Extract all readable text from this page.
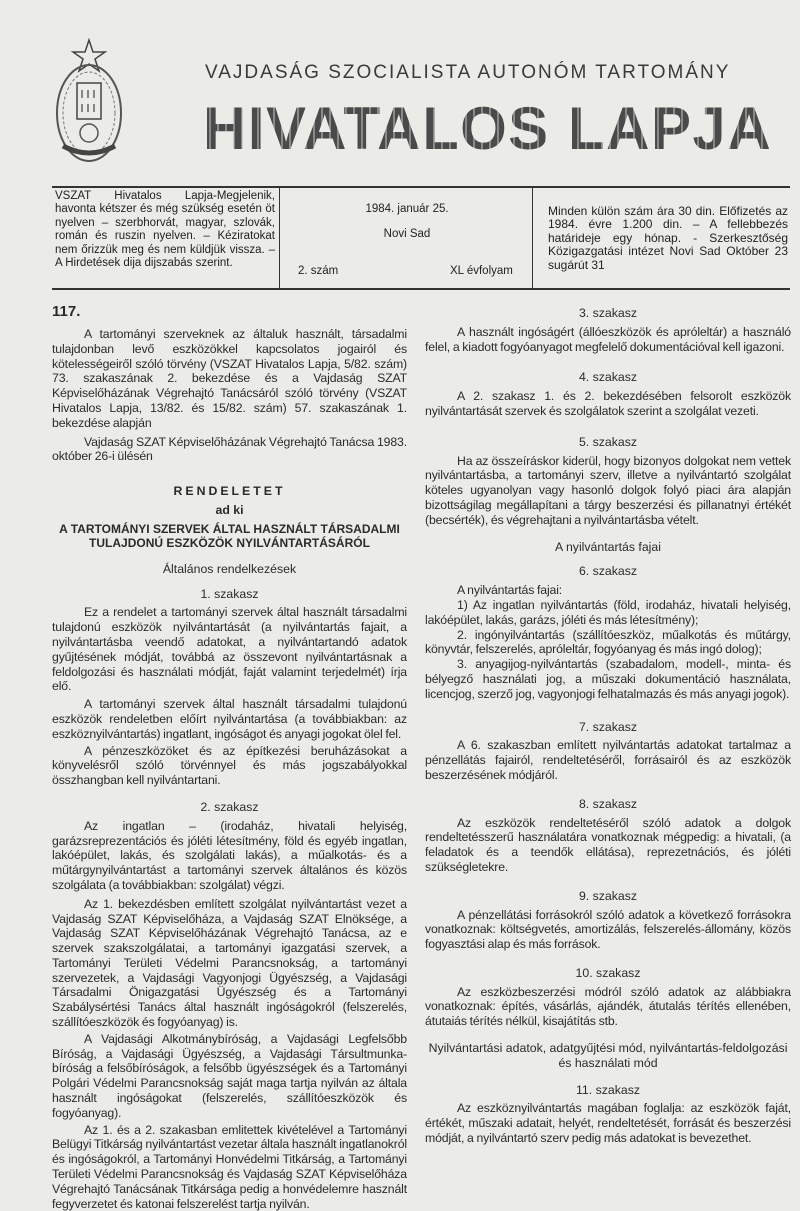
VAJDASÁG SZOCIALISTA AUTONÓM TARTOMÁNY
HIVATALOS LAPJA
VSZAT Hivatalos Lapja-Megjelenik, havonta kétszer és még szükség esetén öt nyelven – szerbhorvát, magyar, szlovák, román és ruszin nyelven. – Kéziratokat nem őrizzük meg és nem küldjük vissza. – A Hirdetések dija dijszabás szerint.
1984. január 25.
Novi Sad
2. szám	XL évfolyam
Minden külön szám ára 30 din. Előfizetés az 1984. évre 1.200 din. – A fellebbezés határideje egy hónap. - Szerkesztőség Közigazgatási intézet Novi Sad Október 23 sugárút 31
117.
A tartományi szerveknek az általuk használt, társadalmi tulajdonban levő eszközökkel kapcsolatos jogairól és kötelességeiről szóló törvény (VSZAT Hivatalos Lapja, 5/82. szám) 73. szakaszának 2. bekezdése és a Vajdaság SZAT Képviselőházának Végrehajtó Tanácsáról szóló törvény (VSZAT Hivatalos Lapja, 13/82. és 15/82. szám) 57. szakaszának 1. bekezdése alapján
Vajdaság SZAT Képviselőházának Végrehajtó Tanácsa 1983. október 26-i ülésén
RENDELETET
ad ki
A TARTOMÁNYI SZERVEK ÁLTAL HASZNÁLT TÁRSADALMI TULAJDONÚ ESZKÖZÖK NYILVÁNTARTÁSÁRÓL
Általános rendelkezések
1. szakasz
Ez a rendelet a tartományi szervek által használt társadalmi tulajdonú eszközök nyilvántartását (a nyilvántartás fajait, a nyilvántartásba veendő adatokat, a nyilvántartandó adatok gyűjtésének módját, továbbá az összevont nyilvántartásnak a feldolgozási és használati módját, faját valamint terjedelmét) írja elő.
A tartományi szervek által használt társadalmi tulajdonú eszközök rendeletben előírt nyilvántartása (a továbbiakban: az eszköznyilvántartás) ingatlant, ingóságot és anyagi jogokat ölel fel.
A pénzeszközöket és az építkezési beruházásokat a könyvelésről szóló törvénnyel és más jogszabályokkal összhangban kell nyilvántartani.
2. szakasz
Az ingatlan – (irodaház, hivatali helyiség, garázsreprezentációs és jóléti létesítmény, föld és egyéb ingatlan, lakóépület, lakás, és szolgálati lakás), a műalkotás- és a műtárgynyilvántartást a tartományi szervek általános és közös szolgálata (a továbbiakban: szolgálat) végzi.
Az 1. bekezdésben említett szolgálat nyilvántartást vezet a Vajdaság SZAT Képviselőháza, a Vajdaság SZAT Elnöksége, a Vajdaság SZAT Képviselőházának Végrehajtó Tanácsa, az e szervek szakszolgálatai, a tartományi igazgatási szervek, a Tartományi Területi Védelmi Parancsnokság, a tartományi szervezetek, a Vajdasági Vagyonjogi Ügyészség, a Vajdasági Társadalmi Önigazgatási Ügyészség és a Tartományi Szabálysértési Tanács által használt ingóságokról (felszerelés, szállítóeszközök és fogyóanyag) is.
A Vajdasági Alkotmánybíróság, a Vajdasági Legfelsőbb Bíróság, a Vajdasági Ügyészség, a Vajdasági Társultmunka-bíróság a felsőbíróságok, a felsőbb ügyészségek és a Tartományi Polgári Védelmi Parancsnokság saját maga tartja nyilván az általa használt ingóságokat (felszerelés, szállítóeszközök és fogyóanyag).
Az 1. és a 2. szakasban emlitettek kivételével a Tartományi Belügyi Titkárság nyilvántartást vezetar általa használt ingatlanokról és ingóságokról, a Tartományi Honvédelmi Titkárság, a Tartományi Területi Védelmi Parancsnokság és Vajdaság SZAT Képviselőháza Végrehajtó Tanácsának Titkársága pedig a honvédelemre használt fegyverzetet és katonai felszerelést tartja nyilván.
3. szakasz
A használt ingóságért (állóeszközök és apróleltár) a használó felel, a kiadott fogyóanyagot megfelelő dokumentációval kell igazoni.
4. szakasz
A 2. szakasz 1. és 2. bekezdésében felsorolt eszközök nyilvántartását szervek és szolgálatok szerint a szolgálat vezeti.
5. szakasz
Ha az összeíráskor kiderül, hogy bizonyos dolgokat nem vettek nyilvántartásba, a tartományi szerv, illetve a nyilvántartó szolgálat köteles ugyanolyan vagy hasonló dolgok folyó piaci ára alapján bizottságilag megállapítani a tárgy beszerzési és pillanatnyi értékét (becsérték), és végrehajtani a nyilvántartásba vételt.
A nyilvántartás fajai
6. szakasz
A nyilvántartás fajai:
1) Az ingatlan nyilvántartás (föld, irodaház, hivatali helyiség, lakóépület, lakás, garázs, jóléti és más létesítmény);
2. ingónyilvántartás (szállítóeszköz, műalkotás és műtárgy, könyvtár, felszerelés, apróleltár, fogyóanyag és más ingó dolog);
3. anyagijog-nyilvántartás (szabadalom, modell-, minta- és bélyegző használati jog, a műszaki dokumentáció használata, licencjog, szerző jog, vagyonjogi felhatalmazás és más anyagi jogok).
7. szakasz
A 6. szakaszban említett nyilvántartás adatokat tartalmaz a pénzellátás fajairól, rendeltetéséről, forrásairól és az eszközök beszerzésének módjáról.
8. szakasz
Az eszközök rendeltetéséről szóló adatok a dolgok rendeltetésszerű használatára vonatkoznak mégpedig: a hivatali, (a feladatok és a teendők ellátása), reprezetnációs, és jóléti szükségletekre.
9. szakasz
A pénzellátási forrásokról szóló adatok a következő forrásokra vonatkoznak: költségvetés, amortizálás, felszerelés-állomány, közös fogyasztási alap és más források.
10. szakasz
Az eszközbeszerzési módról szóló adatok az alábbiakra vonatkoznak: építés, vásárlás, ajándék, átutalás térítés ellenében, átutaiás térítés nélkül, kisajátítás stb.
Nyilvántartási adatok, adatgyűjtési mód, nyilvántartás-feldolgozási és használati mód
11. szakasz
Az eszköznyilvántartás magában foglalja: az eszközök faját, értékét, műszaki adatait, helyét, rendeltetését, forrását és beszerzési módját, a nyilvántartó szerv pedig más adatokat is bevezethet.
